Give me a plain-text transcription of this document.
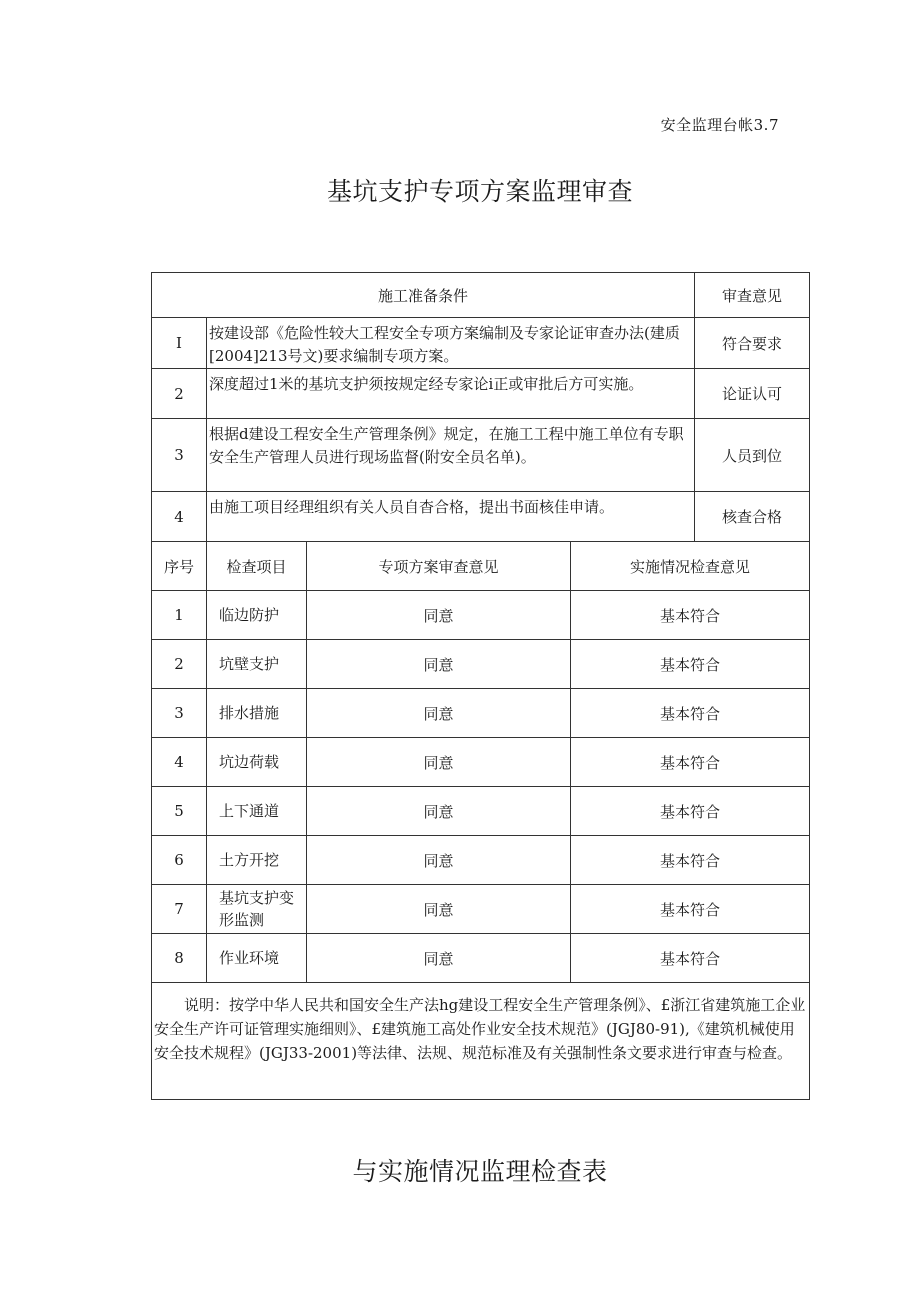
安全监理台帐3.7
基坑支护专项方案监理审查
施工准备条件				审查意见
I	按建设部《危险性较大工程安全专项方案编制及专家论证审查办法(建质[2004]213号文)要求编制专项方案。			符合要求
2	深度超过1米的基坑支护须按规定经专家论i正或审批后方可实施。			论证认可
3	根据d建设工程安全生产管理条例》规定，在施工工程中施工单位有专职安全生产管理人员进行现场监督(附安全员名单)。			人员到位
4	由施工项目经理组织有关人员自杳合格，提出书面核佳申请。			核查合格
序号	检查项目	专项方案审查意见	实施情况检查意见	
1	临边防护	同意	基本符合	
2	坑壁支护	同意	基本符合	
3	排水措施	同意	基本符合	
4	坑边荷载	同意	基本符合	
5	上下通道	同意	基本符合	
6	土方开挖	同意	基本符合	
7	基坑支护变形监测	同意	基本符合	
8	作业环境	同意	基本符合	

说明：按学中华人民共和国安全生产法hg建设工程安全生产管理条例》、£浙江省建筑施工企业安全生产许可证管理实施细则》、£建筑施工高处作业安全技术规范》(JGJ80-91),《建筑机械使用安全技术规程》(JGJ33-2001)等法律、法规、规范标准及有关强制性条文要求进行审查与检查。				
与实施情况监理检查表
